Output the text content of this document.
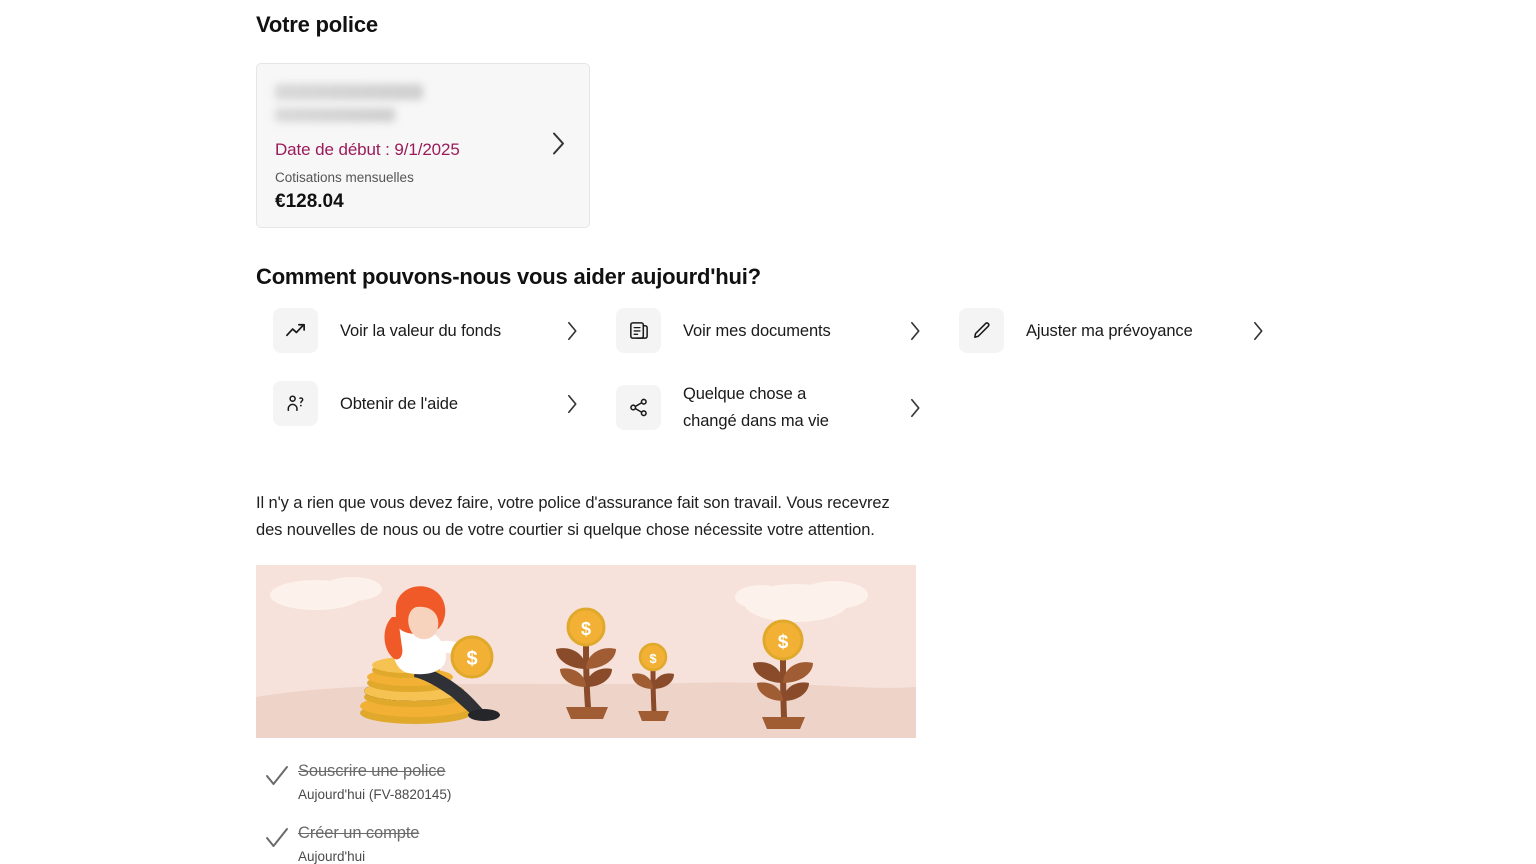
Votre police
Date de début : 9/1/2025
Cotisations mensuelles
€128.04
Comment pouvons-nous vous aider aujourd'hui?
Voir la valeur du fonds	Voir mes documents	Ajuster ma prévoyance
Obtenir de l'aide
Quelque chose a changé dans ma vie

Il n'y a rien que vous devez faire, votre police d'assurance fait son travail. Vous recevrez des nouvelles de nous ou de votre courtier si quelque chose nécessite votre attention.

$
$
$
$
Souscrire une police
Aujourd'hui (FV-8820145)
Créer un compte
Aujourd'hui
